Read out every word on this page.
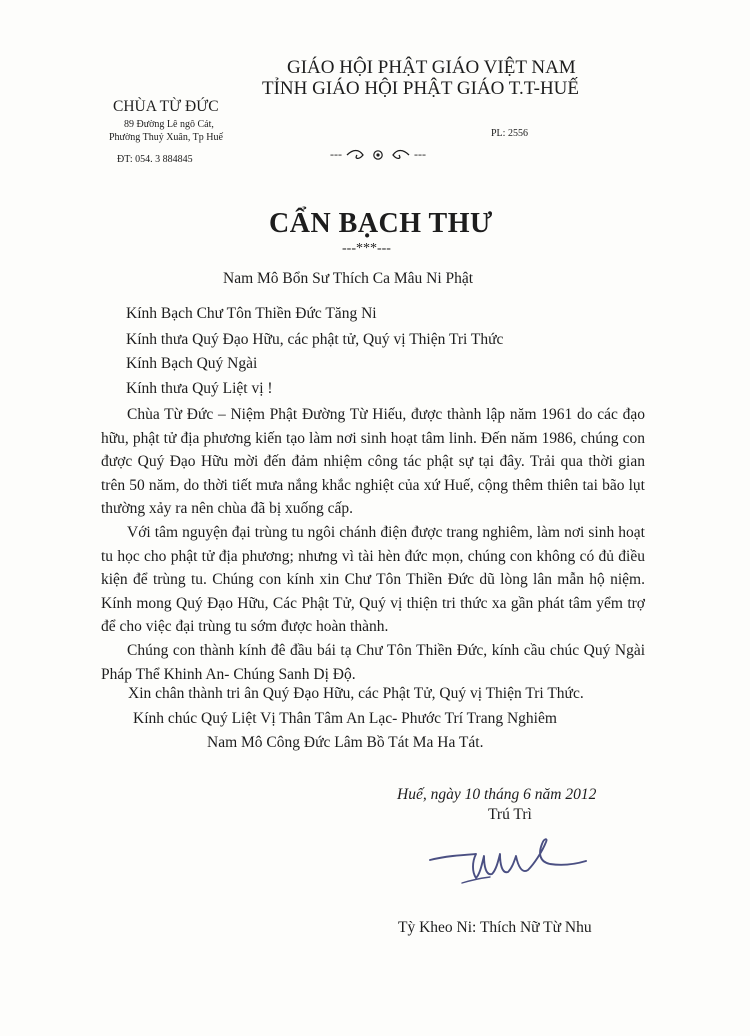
GIÁO HỘI PHẬT GIÁO VIỆT NAM
TỈNH GIÁO HỘI PHẬT GIÁO T.T-HUẾ
CHÙA TỪ ĐỨC
89 Đường Lê ngô Cát,
Phường Thuỷ Xuân, Tp Huế
ĐT: 054. 3 884845
PL: 2556
---	---
CẨN BẠCH THƯ
---***---
Nam Mô Bổn Sư Thích Ca Mâu Ni Phật
Kính Bạch Chư Tôn Thiền Đức Tăng Ni
Kính thưa Quý Đạo Hữu, các phật tử, Quý vị Thiện Tri Thức
Kính Bạch Quý Ngài
Kính thưa Quý Liệt vị !

Chùa Từ Đức – Niệm Phật Đường Từ Hiếu, được thành lập năm 1961 do các đạo hữu, phật tử địa phương kiến tạo làm nơi sinh hoạt tâm linh. Đến năm 1986, chúng con được Quý Đạo Hữu mời đến đảm nhiệm công tác phật sự tại đây. Trải qua thời gian trên 50 năm, do thời tiết mưa nắng khắc nghiệt của xứ Huế, cộng thêm thiên tai bão lụt thường xảy ra nên chùa đã bị xuống cấp.

Với tâm nguyện đại trùng tu ngôi chánh điện được trang nghiêm, làm nơi sinh hoạt tu học cho phật tử địa phương; nhưng vì tài hèn đức mọn, chúng con không có đủ điều kiện để trùng tu. Chúng con kính xin Chư Tôn Thiền Đức dũ lòng lân mẫn hộ niệm. Kính mong Quý Đạo Hữu, Các Phật Tử, Quý vị thiện tri thức xa gần phát tâm yểm trợ để cho việc đại trùng tu sớm được hoàn thành.

Chúng con thành kính đê đầu bái tạ Chư Tôn Thiền Đức, kính cầu chúc Quý Ngài Pháp Thể Khinh An- Chúng Sanh Dị Độ.

Xin chân thành tri ân Quý Đạo Hữu, các Phật Tử, Quý vị Thiện Tri Thức.
Kính chúc Quý Liệt Vị Thân Tâm An Lạc- Phước Trí Trang Nghiêm
Nam Mô Công Đức Lâm Bồ Tát Ma Ha Tát.
Huế, ngày 10 tháng 6 năm 2012
Trú Trì
Tỳ Kheo Ni: Thích Nữ Từ Nhu
